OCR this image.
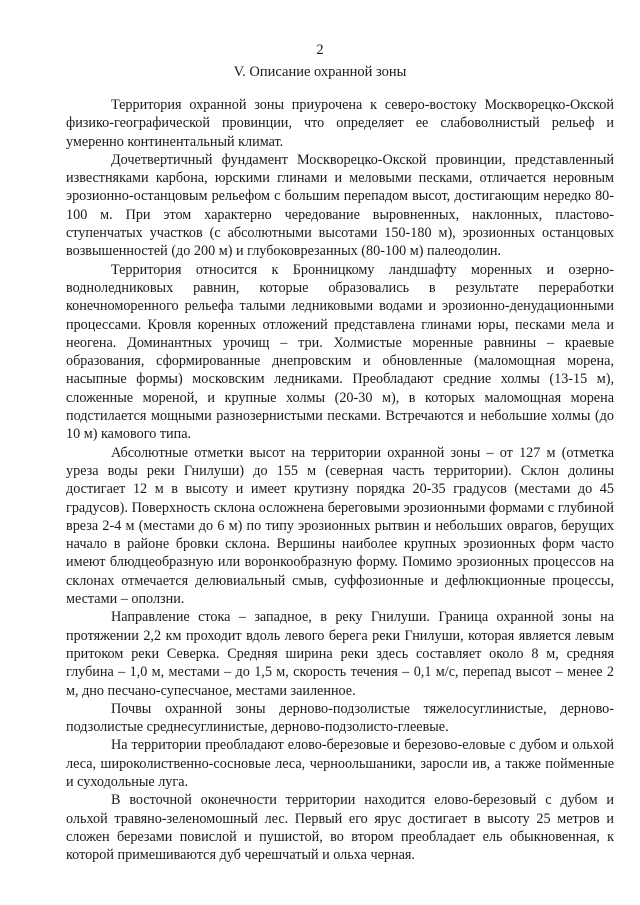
2
V. Описание охранной зоны

Территория охранной зоны приурочена к северо-востоку Москворецко-Окской физико-географической провинции, что определяет ее слабоволнистый рельеф и умеренно континентальный климат.

Дочетвертичный фундамент Москворецко-Окской провинции, представленный известняками карбона, юрскими глинами и меловыми песками, отличается неровным эрозионно-останцовым рельефом с большим перепадом высот, достигающим нередко 80-100 м. При этом характерно чередование выровненных, наклонных, пластово-ступенчатых участков (с абсолютными высотами 150-180 м), эрозионных останцовых возвышенностей (до 200 м) и глубоковрезанных (80-100 м) палеодолин.

Территория относится к Бронницкому ландшафту моренных и озерно-водноледниковых равнин, которые образовались в результате переработки конечноморенного рельефа талыми ледниковыми водами и эрозионно-денудационными процессами. Кровля коренных отложений представлена глинами юры, песками мела и неогена. Доминантных урочищ – три. Холмистые моренные равнины – краевые образования, сформированные днепровским и обновленные (маломощная морена, насыпные формы) московским ледниками. Преобладают средние холмы (13-15 м), сложенные мореной, и крупные холмы (20-30 м), в которых маломощная морена подстилается мощными разнозернистыми песками. Встречаются и небольшие холмы (до 10 м) камового типа.

Абсолютные отметки высот на территории охранной зоны – от 127 м (отметка уреза воды реки Гнилуши) до 155 м (северная часть территории). Склон долины достигает 12 м в высоту и имеет крутизну порядка 20-35 градусов (местами до 45 градусов). Поверхность склона осложнена береговыми эрозионными формами с глубиной вреза 2-4 м (местами до 6 м) по типу эрозионных рытвин и небольших оврагов, берущих начало в районе бровки склона. Вершины наиболее крупных эрозионных форм часто имеют блюдцеобразную или воронкообразную форму. Помимо эрозионных процессов на склонах отмечается делювиальный смыв, суффозионные и дефлюкционные процессы, местами – оползни.

Направление стока – западное, в реку Гнилуши. Граница охранной зоны на протяжении 2,2 км проходит вдоль левого берега реки Гнилуши, которая является левым притоком реки Северка. Средняя ширина реки здесь составляет около 8 м, средняя глубина – 1,0 м, местами – до 1,5 м, скорость течения – 0,1 м/с, перепад высот – менее 2 м, дно песчано-супесчаное, местами заиленное.

Почвы охранной зоны дерново-подзолистые тяжелосуглинистые, дерново-подзолистые среднесуглинистые, дерново-подзолисто-глеевые.

На территории преобладают елово-березовые и березово-еловые с дубом и ольхой леса, широколиственно-сосновые леса, черноольшаники, заросли ив, а также пойменные и суходольные луга.

В восточной оконечности территории находится елово-березовый с дубом и ольхой травяно-зеленомошный лес. Первый его ярус достигает в высоту 25 метров и сложен березами повислой и пушистой, во втором преобладает ель обыкновенная, к которой примешиваются дуб черешчатый и ольха черная.
